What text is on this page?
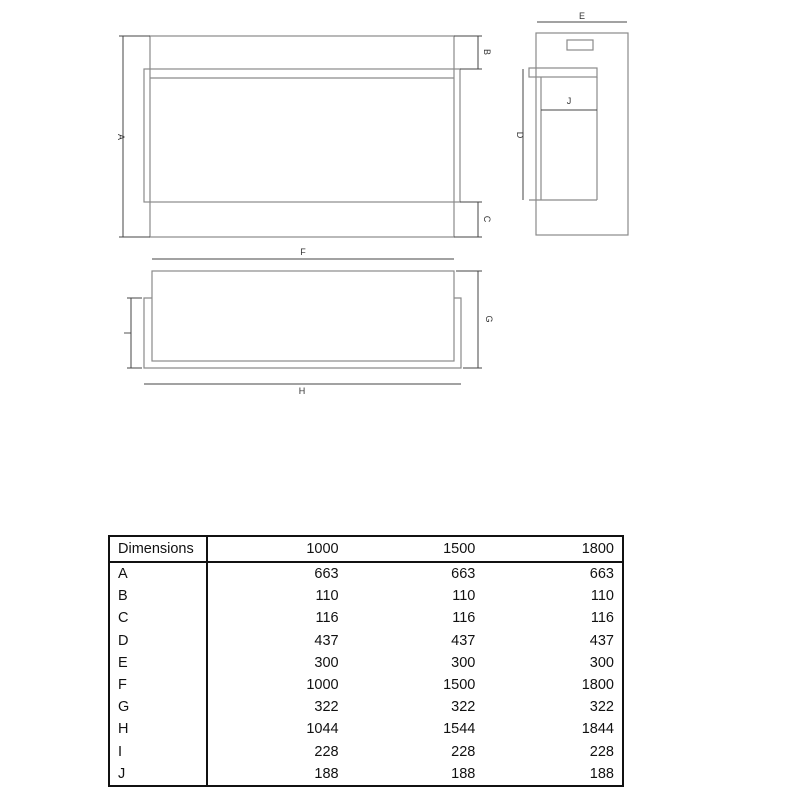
A
B
C
E
D
J
F
G
I
H
Dimensions	1000	1500	1800
A	663	663	663
B	110	110	110
C	116	116	116
D	437	437	437
E	300	300	300
F	1000	1500	1800
G	322	322	322
H	1044	1544	1844
I	228	228	228
J	188	188	188
